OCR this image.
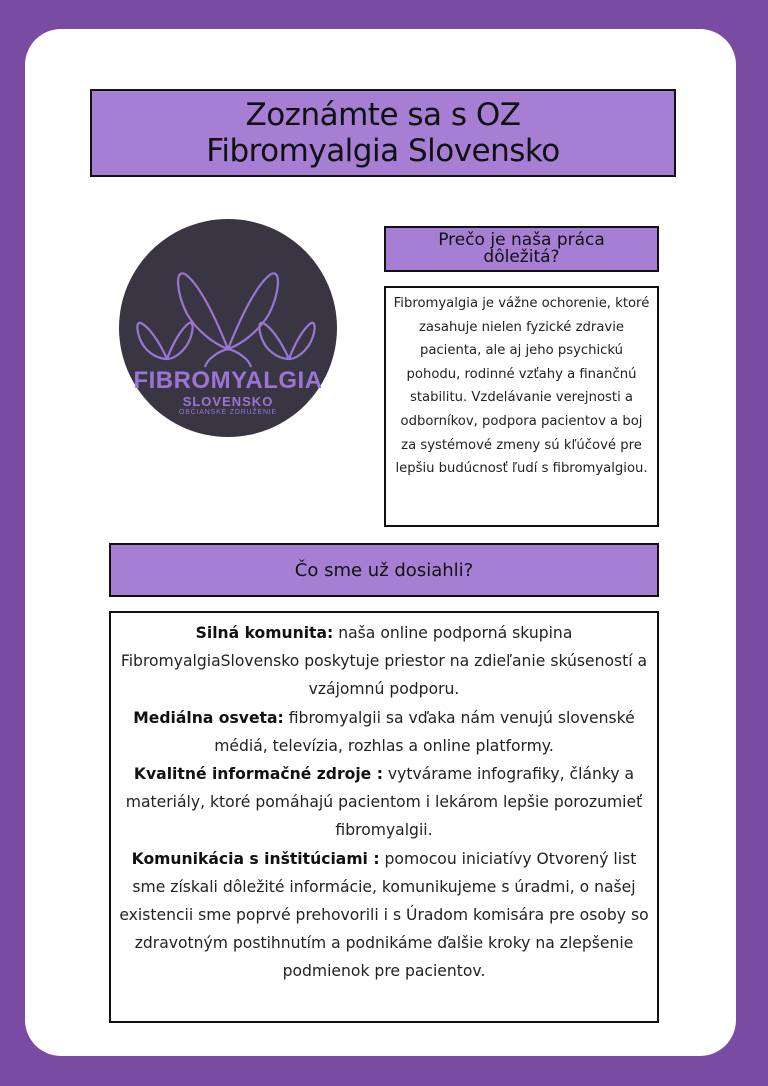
Zoznámte sa s OZ
Fibromyalgia Slovensko
FIBROMYALGIA
SLOVENSKO
OBČIANSKE ZDRUŽENIE
Prečo je naša práca
dôležitá?
Fibromyalgia je vážne ochorenie, ktoré zasahuje nielen fyzické zdravie pacienta, ale aj jeho psychickú pohodu, rodinné vzťahy a finančnú stabilitu. Vzdelávanie verejnosti a odborníkov, podpora pacientov a boj za systémové zmeny sú kľúčové pre lepšiu budúcnosť ľudí s fibromyalgiou.
Čo sme už dosiahli?
Silná komunita: naša online podporná skupina FibromyalgiaSlovensko poskytuje priestor na zdieľanie skúseností a vzájomnú podporu.
Mediálna osveta: fibromyalgii sa vďaka nám venujú slovenské médiá, televízia, rozhlas a online platformy.
Kvalitné informačné zdroje : vytvárame infografiky, články a materiály, ktoré pomáhajú pacientom i lekárom lepšie porozumieť fibromyalgii.
Komunikácia s inštitúciami : pomocou iniciatívy Otvorený list sme získali dôležité informácie, komunikujeme s úradmi, o našej existencii sme poprvé prehovorili i s Úradom komisára pre osoby so zdravotným postihnutím a podnikáme ďalšie kroky na zlepšenie podmienok pre pacientov.
